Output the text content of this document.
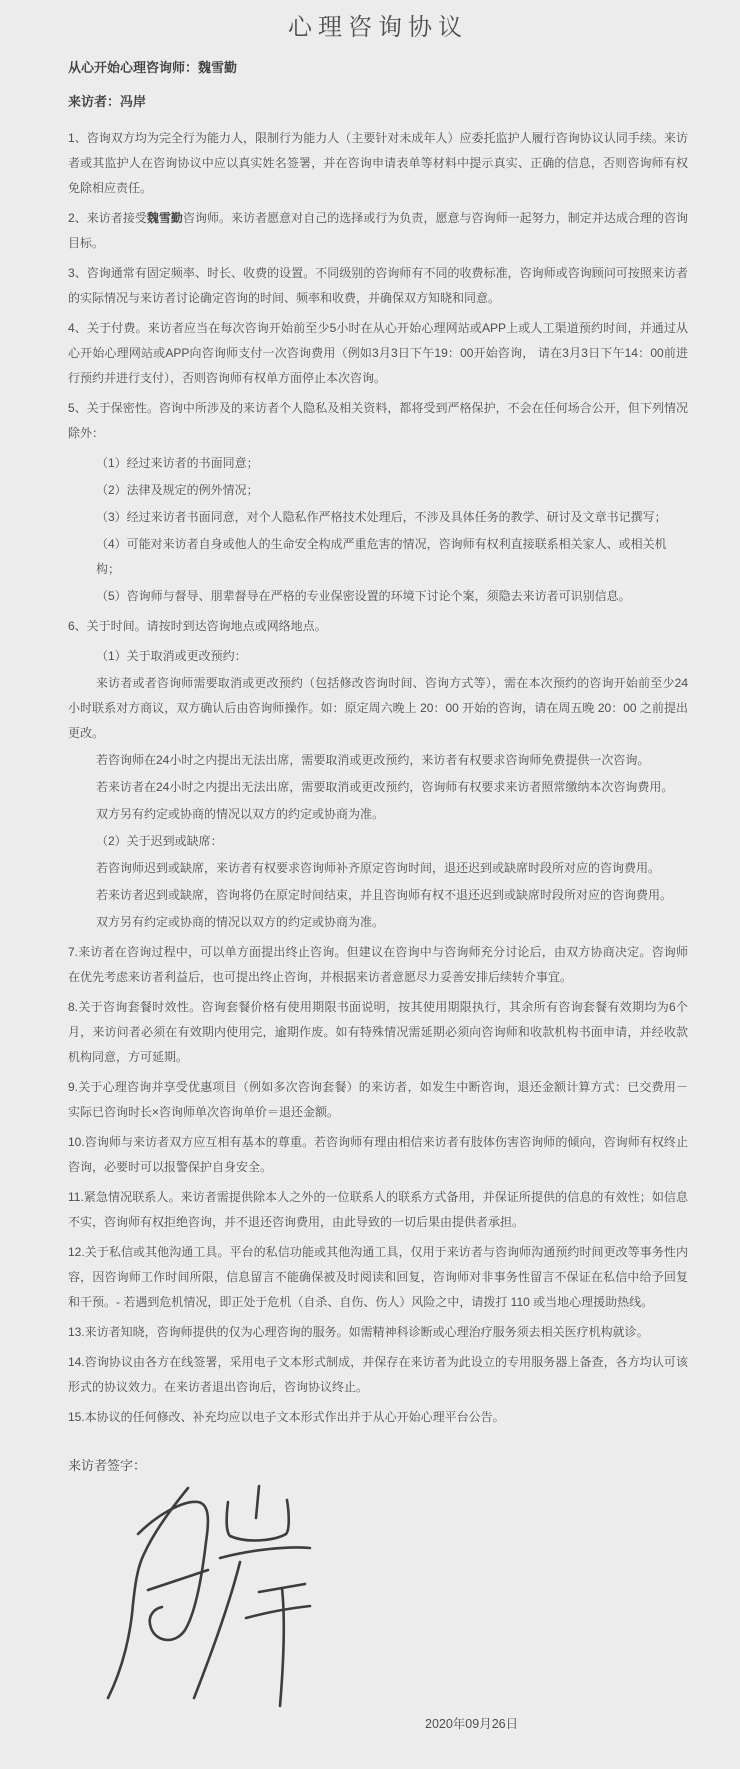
心理咨询协议
从心开始心理咨询师：魏雪勤
来访者：冯岸

1、咨询双方均为完全行为能力人，限制行为能力人（主要针对未成年人）应委托监护人履行咨询协议认同手续。来访者或其监护人在咨询协议中应以真实姓名签署，并在咨询申请表单等材料中提示真实、正确的信息，否则咨询师有权免除相应责任。

2、来访者接受魏雪勤咨询师。来访者愿意对自己的选择或行为负责，愿意与咨询师一起努力，制定并达成合理的咨询目标。

3、咨询通常有固定频率、时长、收费的设置。不同级别的咨询师有不同的收费标准，咨询师或咨询顾问可按照来访者的实际情况与来访者讨论确定咨询的时间、频率和收费，并确保双方知晓和同意。

4、关于付费。来访者应当在每次咨询开始前至少5小时在从心开始心理网站或APP上或人工渠道预约时间，并通过从心开始心理网站或APP向咨询师支付一次咨询费用（例如3月3日下午19：00开始咨询， 请在3月3日下午14：00前进行预约并进行支付），否则咨询师有权单方面停止本次咨询。

5、关于保密性。咨询中所涉及的来访者个人隐私及相关资料，都将受到严格保护，不会在任何场合公开，但下列情况除外：

（1）经过来访者的书面同意；

（2）法律及规定的例外情况；

（3）经过来访者书面同意，对个人隐私作严格技术处理后，不涉及具体任务的教学、研讨及文章书记撰写；

（4）可能对来访者自身或他人的生命安全构成严重危害的情况，咨询师有权利直接联系相关家人、或相关机构；

（5）咨询师与督导、朋辈督导在严格的专业保密设置的环境下讨论个案，须隐去来访者可识别信息。

6、关于时间。请按时到达咨询地点或网络地点。

（1）关于取消或更改预约：

来访者或者咨询师需要取消或更改预约（包括修改咨询时间、咨询方式等），需在本次预约的咨询开始前至少24小时联系对方商议，双方确认后由咨询师操作。如：原定周六晚上 20：00 开始的咨询，请在周五晚 20：00 之前提出更改。

若咨询师在24小时之内提出无法出席，需要取消或更改预约，来访者有权要求咨询师免费提供一次咨询。

若来访者在24小时之内提出无法出席，需要取消或更改预约，咨询师有权要求来访者照常缴纳本次咨询费用。

双方另有约定或协商的情况以双方的约定或协商为准。

（2）关于迟到或缺席：

若咨询师迟到或缺席，来访者有权要求咨询师补齐原定咨询时间，退还迟到或缺席时段所对应的咨询费用。

若来访者迟到或缺席，咨询将仍在原定时间结束，并且咨询师有权不退还迟到或缺席时段所对应的咨询费用。

双方另有约定或协商的情况以双方的约定或协商为准。

7.来访者在咨询过程中，可以单方面提出终止咨询。但建议在咨询中与咨询师充分讨论后，由双方协商决定。咨询师在优先考虑来访者利益后，也可提出终止咨询，并根据来访者意愿尽力妥善安排后续转介事宜。

8.关于咨询套餐时效性。咨询套餐价格有使用期限书面说明，按其使用期限执行，其余所有咨询套餐有效期均为6个月，来访问者必须在有效期内使用完，逾期作废。如有特殊情况需延期必须向咨询师和收款机构书面申请，并经收款机构同意，方可延期。

9.关于心理咨询并享受优惠项目（例如多次咨询套餐）的来访者，如发生中断咨询，退还金额计算方式：已交费用－实际已咨询时长×咨询师单次咨询单价＝退还金额。

10.咨询师与来访者双方应互相有基本的尊重。若咨询师有理由相信来访者有肢体伤害咨询师的倾向，咨询师有权终止咨询，必要时可以报警保护自身安全。

11.紧急情况联系人。来访者需提供除本人之外的一位联系人的联系方式备用，并保证所提供的信息的有效性；如信息不实，咨询师有权拒绝咨询，并不退还咨询费用，由此导致的一切后果由提供者承担。

12.关于私信或其他沟通工具。平台的私信功能或其他沟通工具，仅用于来访者与咨询师沟通预约时间更改等事务性内容，因咨询师工作时间所限，信息留言不能确保被及时阅读和回复，咨询师对非事务性留言不保证在私信中给予回复和干预。- 若遇到危机情况，即正处于危机（自杀、自伤、伤人）风险之中，请拨打 110 或当地心理援助热线。

13.来访者知晓，咨询师提供的仅为心理咨询的服务。如需精神科诊断或心理治疗服务须去相关医疗机构就诊。

14.咨询协议由各方在线签署，采用电子文本形式制成，并保存在来访者为此设立的专用服务器上备查，各方均认可该形式的协议效力。在来访者退出咨询后，咨询协议终止。

15.本协议的任何修改、补充均应以电子文本形式作出并于从心开始心理平台公告。

来访者签字：
2020年09月26日
